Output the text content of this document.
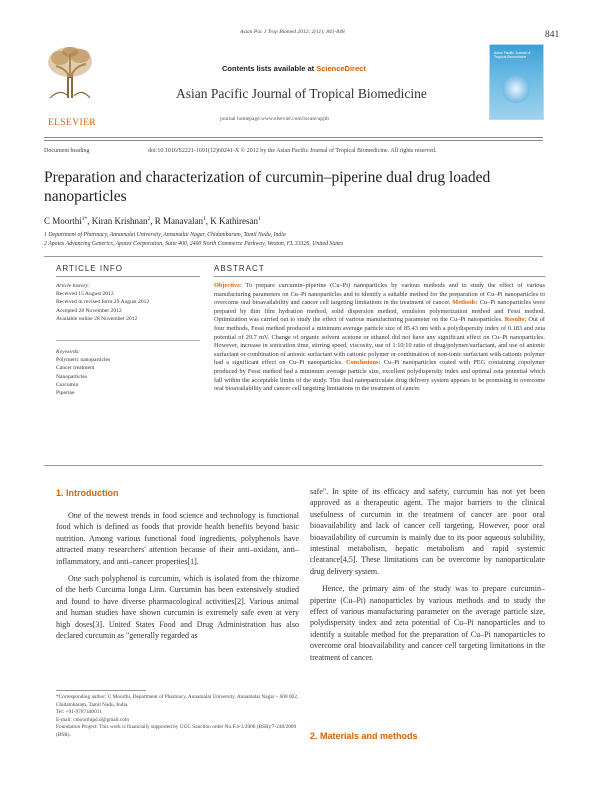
Asian Pac J Trop Biomed 2012; 2(11): 841-848	841
ELSEVIER
Contents lists available at ScienceDirect
Asian Pacific Journal of Tropical Biomedicine
journal homepage:www.elsevier.com/locate/apjtb
Asian Pacific Journal of Tropical Biomedicine
Document heading	doi:10.1016/S2221-1691(12)60241-X © 2012 by the Asian Pacific Journal of Tropical Biomedicine. All rights reserved.
Preparation and characterization of curcumin–piperine dual drug loaded nanoparticles
C Moorthi$^{1*}$, Kiran Krishnan$^2$, R Manavalan$^1$, K Kathiresan$^1$
1 Department of Pharmacy, Annamalai University, Annamalai Nagar, Chidambaram, Tamil Nadu, India
2 Apotex Advancing Generics, Apotex Corporation, Suite 400, 2400 North Commerce Parkway, Weston, FL 33326, United States
ARTICLE INFO	ABSTRACT
Article history:
Received 15 August 2012
Received in revised form 29 August 2012
Accepted 28 November 2012
Available online 28 November 2012
Keywords:
Polymeric nanoparticles
Cancer treatment
Nanoparticles
Curcumin
Piperine
Objective: To prepare curcumin–piperine (Cu–Pi) nanoparticles by various methods and to study the effect of various manufacturing parameters on Cu–Pi nanoparticles and to identify a suitable method for the preparation of Cu–Pi nanoparticles to overcome oral bioavailability and cancer cell targeting limitations in the treatment of cancer. Methods: Cu–Pi nanoparticles were prepared by thin film hydration method, solid dispersion method, emulsion polymerization method and Fessi method. Optimization was carried out to study the effect of various manufacturing parameter on the Cu–Pi nanoparticles. Results: Out of four methods, Fessi method produced a minimum average particle size of 85.43 nm with a polydispersity index of 0.183 and zeta potential of 29.7 mV. Change of organic solvent acetone or ethanol did not have any significant effect on Cu–Pi nanoparticles. However, increase in sonication time, stirring speed, viscosity, use of 1:10:10 ratio of drug/polymer/surfactant, and use of anionic surfactant or combination of anionic surfactant with cationic polymer or combination of non-ionic surfactant with cationic polymer had a significant effect on Cu–Pi nanoparticles. Conclusions: Cu–Pi nanoparticles coated with PEG containing copolymer produced by Fessi method had a minimum average particle size, excellent polydispersity index and optimal zeta potential which fall within the acceptable limits of the study. This dual nanoparticulate drug delivery system appears to be promising to overcome oral bioavailability and cancer cell targeting limitations in the treatment of cancer.
1. Introduction

One of the newest trends in food science and technology is functional food which is defined as foods that provide health benefits beyond basic nutrition. Among various functional food ingredients, polyphenols have attracted many researchers' attention because of their anti–oxidant, anti–inflammatory, and anti–cancer properties[1].

One such polyphenol is curcumin, which is isolated from the rhizome of the herb Curcuma longa Linn. Curcumin has been extensively studied and found to have diverse pharmacological activities[2]. Various animal and human studies have shown curcumin is extremely safe even at very high doses[3]. United States Food and Drug Administration has also declared curcumin as "generally regarded as

*Corresponding author: C Moorthi, Department of Pharmacy, Annamalai University, Annamalai Nagar – 608 002, Chidambaram, Tamil Nadu, India.

Tel: +91-9787440011

E-mail: cmoorthipd.d@gmail.com

Foundation Project: This work is financially supported by UGC Sanction order No.F.4-1/2006 (BSR)/7-248/2009 (BSR).

safe". In spite of its efficacy and safety, curcumin has not yet been approved as a therapeutic agent. The major barriers to the clinical usefulness of curcumin in the treatment of cancer are poor oral bioavailability and lack of cancer cell targeting. However, poor oral bioavailability of curcumin is mainly due to its poor aqueous solubility, intestinal metabolism, hepatic metabolism and rapid systemic clearance[4,5]. These limitations can be overcome by nanoparticulate drug delivery system.

Hence, the primary aim of the study was to prepare curcumin–piperine (Cu–Pi) nanoparticles by various methods and to study the effect of various manufacturing parameter on the average particle size, polydispersity index and zeta potential of Cu–Pi nanoparticles and to identify a suitable method for the preparation of Cu–Pi nanoparticles to overcome oral bioavailability and cancer cell targeting limitations in the treatment of cancer.

2. Materials and methods
